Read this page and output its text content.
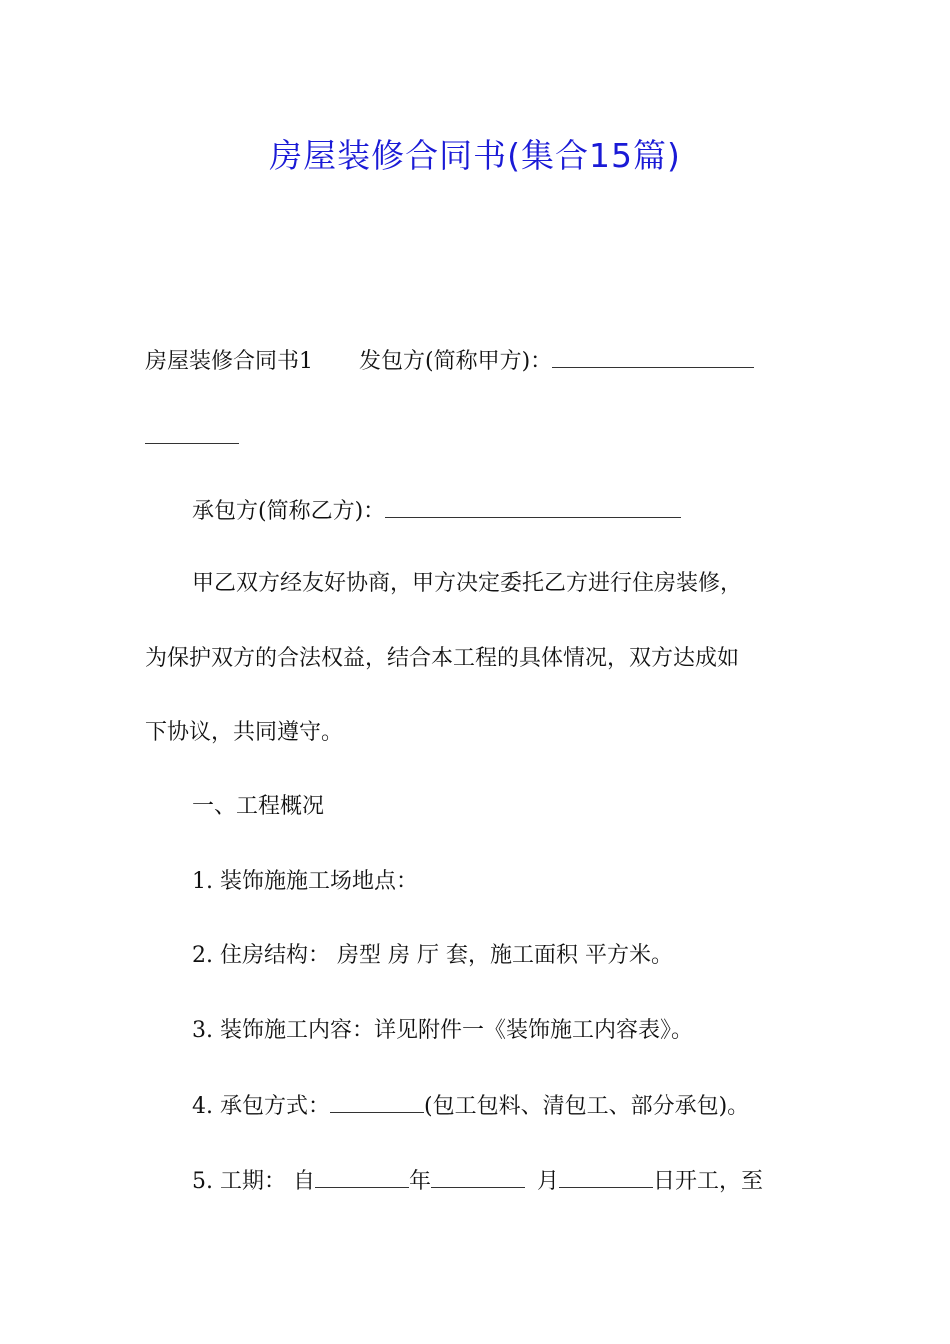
房屋装修合同书(集合15篇)
房屋装修合同书1 发包方(简称甲方)：
承包方(简称乙方)：
甲乙双方经友好协商，甲方决定委托乙方进行住房装修，
为保护双方的合法权益，结合本工程的具体情况，双方达成如
下协议，共同遵守。
一、工程概况
1. 装饰施施工场地点：
2. 住房结构： 房型 房 厅 套，施工面积 平方米。
3. 装饰施工内容：详见附件一《装饰施工内容表》。
4. 承包方式：	(包工包料、清包工、部分承包)。
5. 工期： 自	年	月	日开工，至
